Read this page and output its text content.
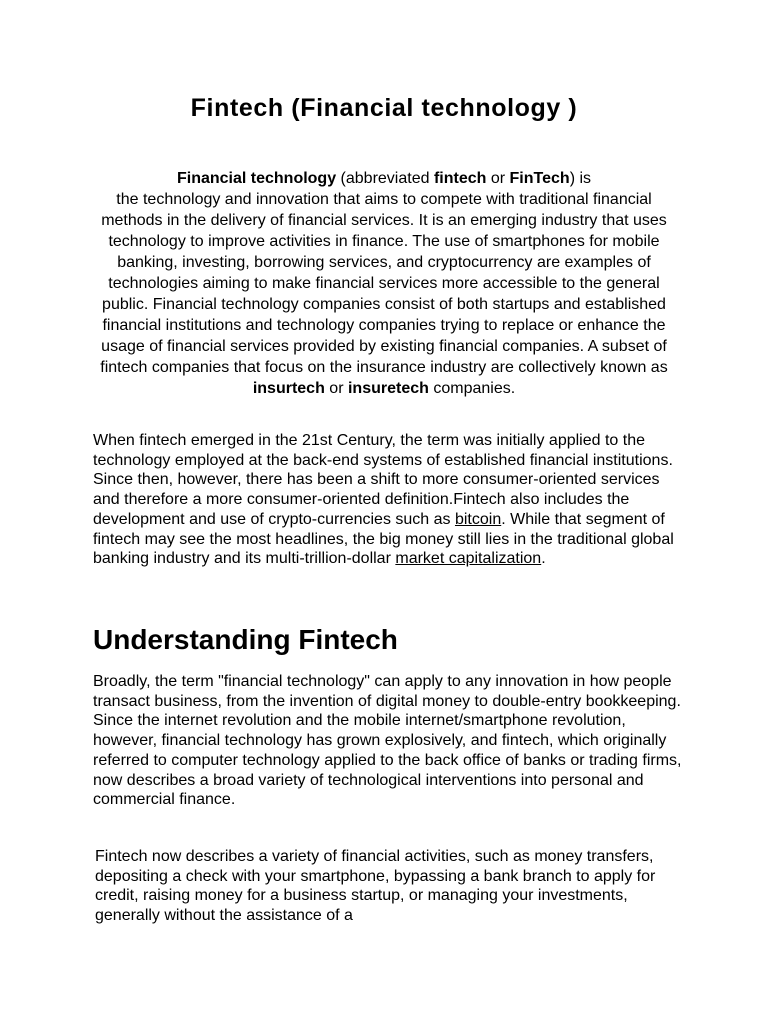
Fintech (Financial technology )

Financial technology (abbreviated fintech or FinTech) is
the technology and innovation that aims to compete with traditional financial methods in the delivery of financial services. It is an emerging industry that uses technology to improve activities in finance. The use of smartphones for mobile banking, investing, borrowing services, and cryptocurrency are examples of technologies aiming to make financial services more accessible to the general public. Financial technology companies consist of both startups and established financial institutions and technology companies trying to replace or enhance the usage of financial services provided by existing financial companies. A subset of fintech companies that focus on the insurance industry are collectively known as insurtech or insuretech companies.

When fintech emerged in the 21st Century, the term was initially applied to the technology employed at the back-end systems of established financial institutions. Since then, however, there has been a shift to more consumer-oriented services and therefore a more consumer-oriented definition.Fintech also includes the development and use of crypto-currencies such as bitcoin. While that segment of fintech may see the most headlines, the big money still lies in the traditional global banking industry and its multi-trillion-dollar market capitalization.

Understanding Fintech

Broadly, the term "financial technology" can apply to any innovation in how people transact business, from the invention of digital money to double-entry bookkeeping. Since the internet revolution and the mobile internet/smartphone revolution, however, financial technology has grown explosively, and fintech, which originally referred to computer technology applied to the back office of banks or trading firms, now describes a broad variety of technological interventions into personal and commercial finance.

Fintech now describes a variety of financial activities, such as money transfers, depositing a check with your smartphone, bypassing a bank branch to apply for credit, raising money for a business startup, or managing your investments, generally without the assistance of a
